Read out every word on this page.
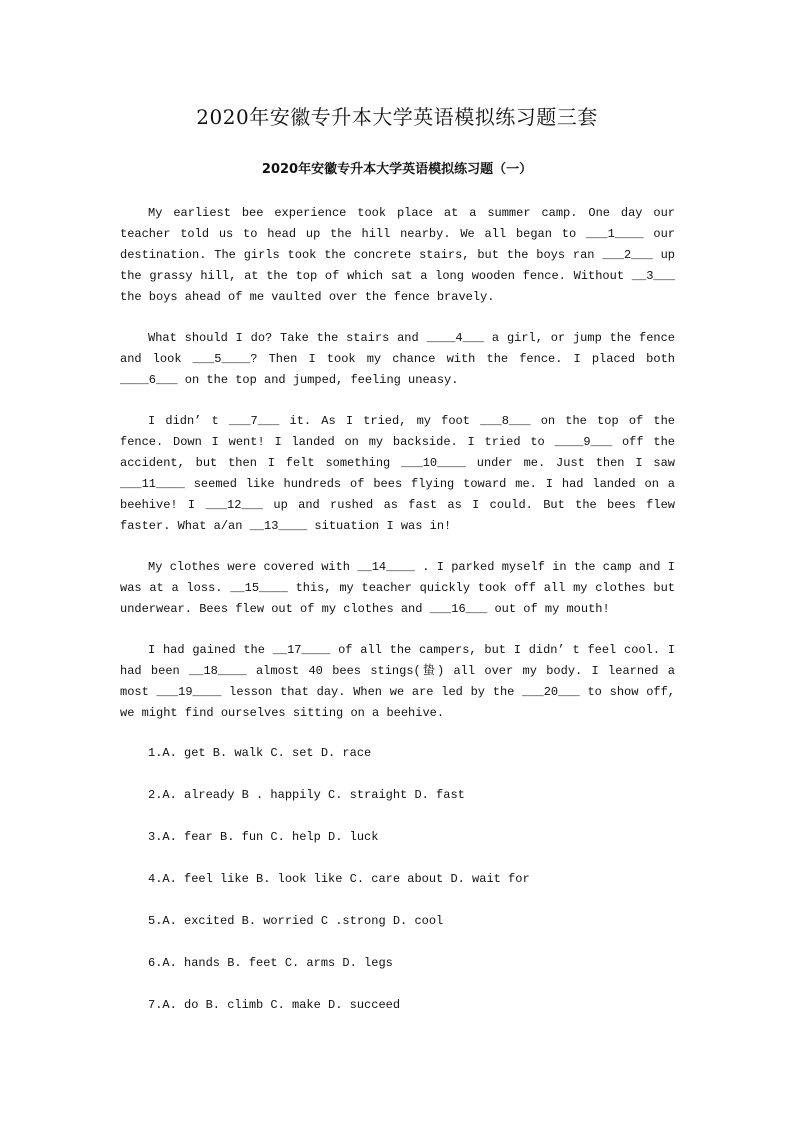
2020年安徽专升本大学英语模拟练习题三套
2020年安徽专升本大学英语模拟练习题（一）

My earliest bee experience took place at a summer camp. One day our teacher told us to head up the hill nearby. We all began to ___1____ our destination. The girls took the concrete stairs, but the boys ran ___2___ up the grassy hill, at the top of which sat a long wooden fence. Without __3___ the boys ahead of me vaulted over the fence bravely.

What should I do? Take the stairs and ____4___ a girl, or jump the fence and look ___5____? Then I took my chance with the fence. I placed both ____6___ on the top and jumped, feeling uneasy.

I didn’ t ___7___ it. As I tried, my foot ___8___ on the top of the fence. Down I went! I landed on my backside. I tried to ____9___ off the accident, but then I felt something ___10____ under me. Just then I saw ___11____ seemed like hundreds of bees flying toward me. I had landed on a beehive! I ___12___ up and rushed as fast as I could. But the bees flew faster. What a/an __13____ situation I was in!

My clothes were covered with __14____ . I parked myself in the camp and I was at a loss. __15____ this, my teacher quickly took off all my clothes but underwear. Bees flew out of my clothes and ___16___ out of my mouth!

I had gained the __17____ of all the campers, but I didn’ t feel cool. I had been __18____ almost 40 bees stings(蛰) all over my body. I learned a most ___19____ lesson that day. When we are led by the ___20___ to show off, we might find ourselves sitting on a beehive.

1.A. get B. walk C. set D. race
2.A. already B . happily C. straight D. fast
3.A. fear B. fun C. help D. luck
4.A. feel like B. look like C. care about D. wait for
5.A. excited B. worried C .strong D. cool
6.A. hands B. feet C. arms D. legs
7.A. do B. climb C. make D. succeed
